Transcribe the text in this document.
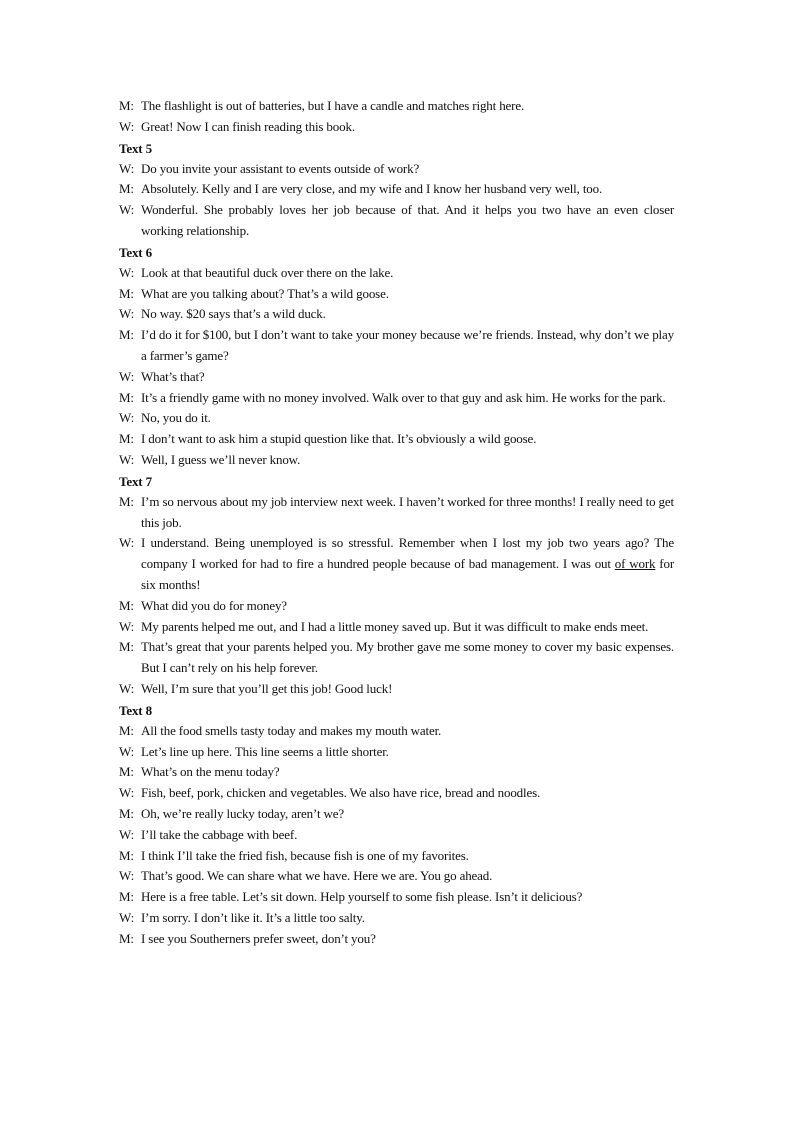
M: The flashlight is out of batteries, but I have a candle and matches right here.
W: Great! Now I can finish reading this book.
Text 5
W: Do you invite your assistant to events outside of work?
M: Absolutely. Kelly and I are very close, and my wife and I know her husband very well, too.
W: Wonderful. She probably loves her job because of that. And it helps you two have an even closer working relationship.
Text 6
W: Look at that beautiful duck over there on the lake.
M: What are you talking about? That’s a wild goose.
W: No way. $20 says that’s a wild duck.
M: I’d do it for $100, but I don’t want to take your money because we’re friends. Instead, why don’t we play a farmer’s game?
W: What’s that?
M: It’s a friendly game with no money involved. Walk over to that guy and ask him. He works for the park.
W: No, you do it.
M: I don’t want to ask him a stupid question like that. It’s obviously a wild goose.
W: Well, I guess we’ll never know.
Text 7
M: I’m so nervous about my job interview next week. I haven’t worked for three months! I really need to get this job.
W: I understand. Being unemployed is so stressful. Remember when I lost my job two years ago? The company I worked for had to fire a hundred people because of bad management. I was out of work for six months!
M: What did you do for money?
W: My parents helped me out, and I had a little money saved up. But it was difficult to make ends meet.
M: That’s great that your parents helped you. My brother gave me some money to cover my basic expenses. But I can’t rely on his help forever.
W: Well, I’m sure that you’ll get this job! Good luck!
Text 8
M: All the food smells tasty today and makes my mouth water.
W: Let’s line up here. This line seems a little shorter.
M: What’s on the menu today?
W: Fish, beef, pork, chicken and vegetables. We also have rice, bread and noodles.
M: Oh, we’re really lucky today, aren’t we?
W: I’ll take the cabbage with beef.
M: I think I’ll take the fried fish, because fish is one of my favorites.
W: That’s good. We can share what we have. Here we are. You go ahead.
M: Here is a free table. Let’s sit down. Help yourself to some fish please. Isn’t it delicious?
W: I’m sorry. I don’t like it. It’s a little too salty.
M: I see you Southerners prefer sweet, don’t you?
